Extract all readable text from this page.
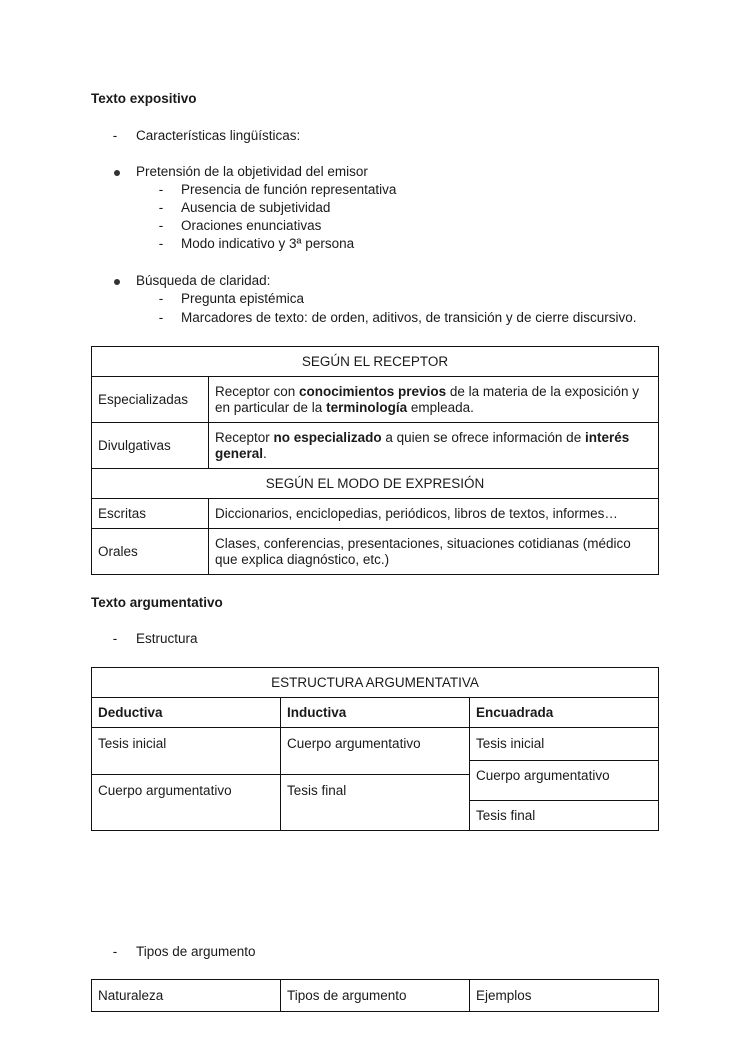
Texto expositivo
-	Características lingüísticas:
Pretensión de la objetividad del emisor
-	Presencia de función representativa
-	Ausencia de subjetividad
-	Oraciones enunciativas
-	Modo indicativo y 3ª persona
Búsqueda de claridad:
-	Pregunta epistémica
-	Marcadores de texto: de orden, aditivos, de transición y de cierre discursivo.
SEGÚN EL RECEPTOR	
Especializadas	Receptor con conocimientos previos de la materia de la exposición y en particular de la terminología empleada.
Divulgativas	Receptor no especializado a quien se ofrece información de interés general.
SEGÚN EL MODO DE EXPRESIÓN	
Escritas	Diccionarios, enciclopedias, periódicos, libros de textos, informes…
Orales	Clases, conferencias, presentaciones, situaciones cotidianas (médico que explica diagnóstico, etc.)
Texto argumentativo
-	Estructura
ESTRUCTURA ARGUMENTATIVA		
Deductiva	Inductiva	Encuadrada
Tesis inicial	Cuerpo argumentativo	Tesis inicial
		Cuerpo argumentativo
Cuerpo argumentativo	Tesis final	
		Tesis final
-	Tipos de argumento
Naturaleza	Tipos de argumento	Ejemplos
